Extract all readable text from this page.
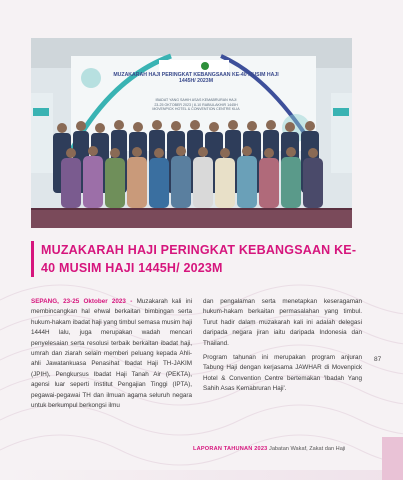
MUZAKARAH HAJI PERINGKAT KEBANGSAAN KE-40 MUSIM HAJI 1445H/ 2023M
IBADAT YANG SAHIH ASAS KEMABRURAN HAJI
23-25 OKTOBER 2023 | 8-10 RABIULAKHIR 1445H
MOVENPICK HOTEL & CONVENTION CENTRE KLIA
MUZAKARAH HAJI PERINGKAT KEBANGSAAN KE-40 MUSIM HAJI 1445H/ 2023M

SEPANG, 23-25 Oktober 2023 - Muzakarah kali ini membincangkan hal ehwal berkaitan bimbingan serta hukum-hakam ibadat haji yang timbul semasa musim haji 1444H lalu, juga merupakan wadah mencari penyelesaian serta resolusi terbaik berkaitan ibadat haji, umrah dan ziarah selain memberi peluang kepada Ahli-ahli Jawatankuasa Penasihat Ibadat Haji TH-JAKIM (JPIH), Pengkursus Ibadat Haji Tanah Air (PEKTA), agensi luar seperti Institut Pengajian Tinggi (IPTA), pegawai-pegawai TH dan ilmuan agama seluruh negara untuk berkumpul berkongsi ilmu

dan pengalaman serta menetapkan keseragaman hukum-hakam berkaitan permasalahan yang timbul. Turut hadir dalam muzakarah kali ini adalah delegasi daripada negara jiran iaitu daripada Indonesia dan Thailand.

Program tahunan ini merupakan program anjuran Tabung Haji dengan kerjasama JAWHAR di Movenpick Hotel & Convention Centre bertemakan 'Ibadah Yang Sahih Asas Kemabruran Haji'.

87
LAPORAN TAHUNAN 2023 Jabatan Wakaf, Zakat dan Haji
